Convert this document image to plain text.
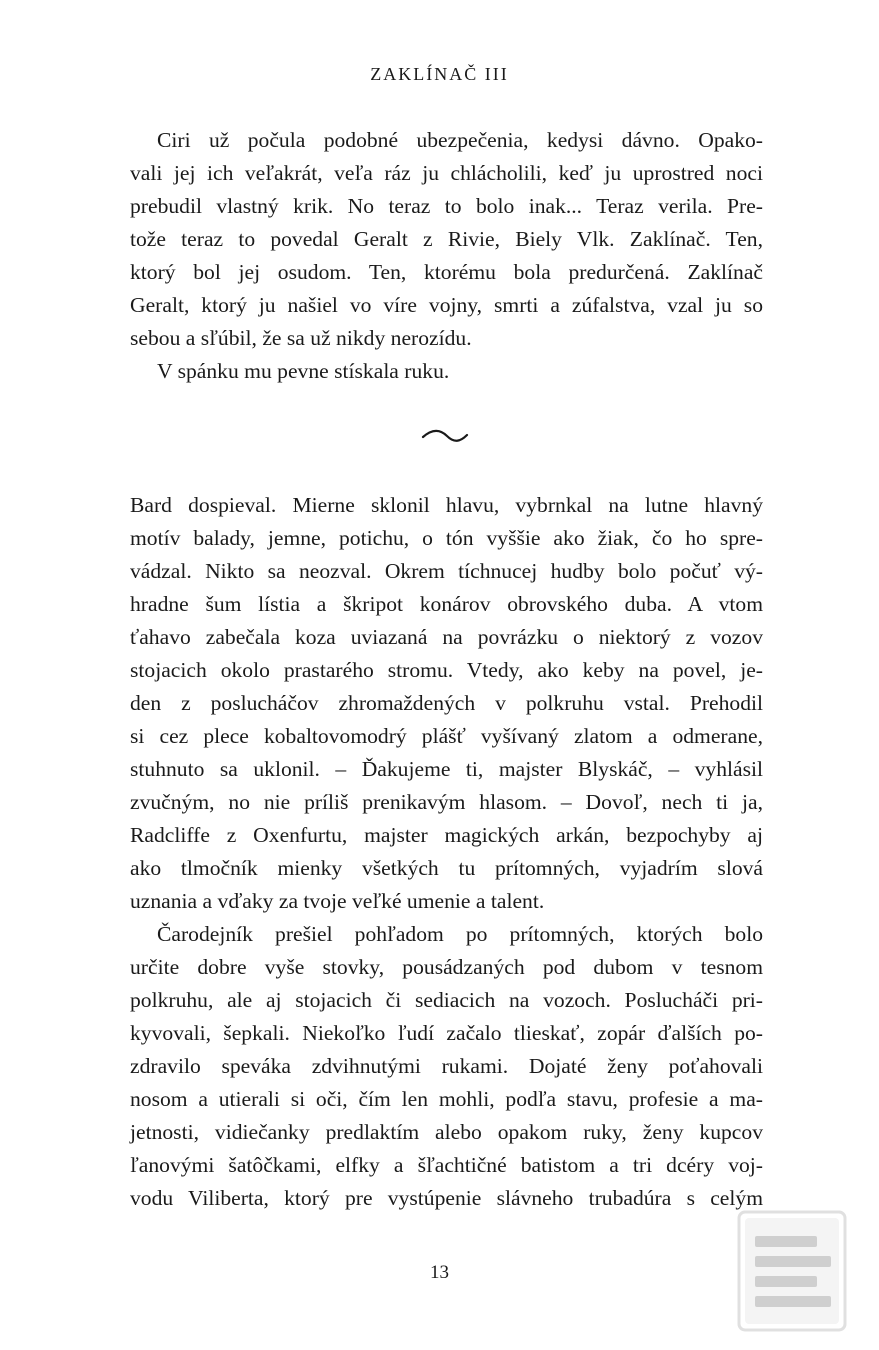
ZAKLÍNAČ III
Ciri už počula podobné ubezpečenia, kedysi dávno. Opako-
vali jej ich veľakrát, veľa ráz ju chlácholili, keď ju uprostred noci
prebudil vlastný krik. No teraz to bolo inak... Teraz verila. Pre-
tože teraz to povedal Geralt z Rivie, Biely Vlk. Zaklínač. Ten,
ktorý bol jej osudom. Ten, ktorému bola predurčená. Zaklínač
Geralt, ktorý ju našiel vo víre vojny, smrti a zúfalstva, vzal ju so
sebou a sľúbil, že sa už nikdy nerozídu.
V spánku mu pevne stískala ruku.
Bard dospieval. Mierne sklonil hlavu, vybrnkal na lutne hlavný
motív balady, jemne, potichu, o tón vyššie ako žiak, čo ho spre-
vádzal. Nikto sa neozval. Okrem tíchnucej hudby bolo počuť vý-
hradne šum lístia a škripot konárov obrovského duba. A vtom
ťahavo zabečala koza uviazaná na povrázku o niektorý z vozov
stojacich okolo prastarého stromu. Vtedy, ako keby na povel, je-
den z poslucháčov zhromaždených v polkruhu vstal. Prehodil
si cez plece kobaltovomodrý plášť vyšívaný zlatom a odmerane,
stuhnuto sa uklonil. – Ďakujeme ti, majster Blyskáč, – vyhlásil
zvučným, no nie príliš prenikavým hlasom. – Dovoľ, nech ti ja,
Radcliffe z Oxenfurtu, majster magických arkán, bezpochyby aj
ako tlmočník mienky všetkých tu prítomných, vyjadrím slová
uznania a vďaky za tvoje veľké umenie a talent.
Čarodejník prešiel pohľadom po prítomných, ktorých bolo
určite dobre vyše stovky, pousádzaných pod dubom v tesnom
polkruhu, ale aj stojacich či sediacich na vozoch. Poslucháči pri-
kyvovali, šepkali. Niekoľko ľudí začalo tlieskať, zopár ďalších po-
zdravilo speváka zdvihnutými rukami. Dojaté ženy poťahovali
nosom a utierali si oči, čím len mohli, podľa stavu, profesie a ma-
jetnosti, vidiečanky predlaktím alebo opakom ruky, ženy kupcov
ľanovými šatôčkami, elfky a šľachtičné batistom a tri dcéry voj-
vodu Viliberta, ktorý pre vystúpenie slávneho trubadúra s celým
13
